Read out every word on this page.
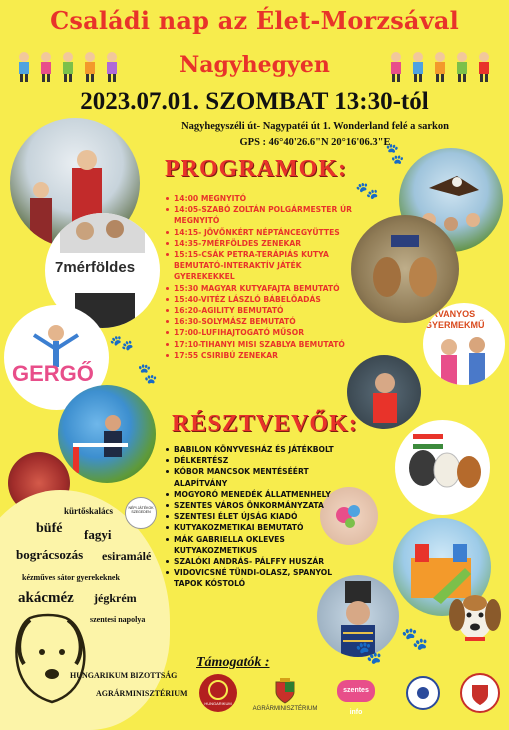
Családi nap az Élet-Morzsával
Nagyhegyen
2023.07.01. SZOMBAT 13:30-tól
Nagyhegyszéli út- Nagypatéi út 1. Wonderland felé a sarkon
GPS : 46°40'26.6"N 20°16'06.3"E
7mérföldes
GERGŐ
ÁRVANYOS GYERMEKMŰ
🐾
🐾
🐾
🐾
🐾
🐾
PROGRAMOK:
14:00 MEGNYITÓ
14:05-SZABÓ ZOLTÁN POLGÁRMESTER ÚR MEGNYITÓ
14:15- JÖVŐNKÉRT NÉPTÁNCEGYÜTTES
14:35-7MÉRFÖLDES ZENEKAR
15:15-CSÁK PETRA-TERÁPIÁS KUTYA BEMUTATÓ-INTERAKTÍV JÁTÉK GYEREKEKKEL
15:30 MAGYAR KUTYAFAJTA BEMUTATÓ
15:40-VITÉZ LÁSZLÓ BÁBELŐADÁS
16:20-AGILITY BEMUTATÓ
16:30-SOLYMÁSZ BEMUTATÓ
17:00-LUFIHAJTOGATÓ MŰSOR
17:10-TIHANYI MISI SZABLYA BEMUTATÓ
17:55 CSIRIBÚ ZENEKAR
RÉSZTVEVŐK:
BABILON KÖNYVESHÁZ ÉS JÁTÉKBOLT
DÉLKERTÉSZ
KÓBOR MANCSOK MENTÉSÉÉRT ALAPÍTVÁNY
MOGYORÓ MENEDÉK ÁLLATMENHELY
SZENTES VÁROS ÖNKORMÁNYZATA
SZENTESI ÉLET ÚJSÁG KIADÓ
KUTYAKOZMETIKAI BEMUTATÓ
MÁK GABRIELLA OKLEVES KUTYAKOZMETIKUS
SZALÓKI ANDRÁS- PÁLFFY HUSZÁR
VIDOVICSNÉ TÜNDI-OLASZ, SPANYOL TAPOK KÓSTOLÓ
NÉPI JÁTÉKOK SZEGEDEN
kürtőskalács
büfé fagyi
bográcsozás esiramálé
kézműves sátor gyerekeknek
akácméz jégkrém
szentesi napolya
Támogatók :
HUNGARIKUM BIZOTTSÁG
AGRÁRMINISZTÉRIUM
HUNGARIKUM
AGRÁRMINISZTÉRIUM
szentes info
